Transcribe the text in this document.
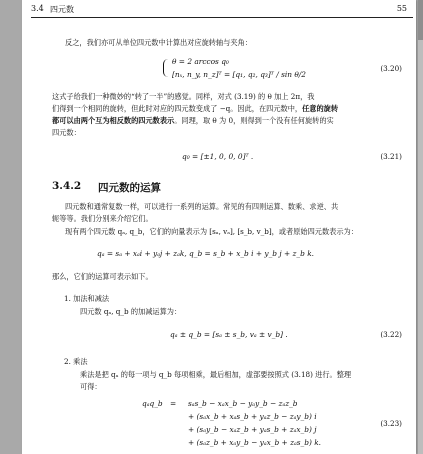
3.4 四元数	55
反之，我们亦可从单位四元数中计算出对应旋转轴与夹角：
θ = 2 arccos q₀
[nₓ, n_y, n_z]ᵀ = [q₁, q₂, q₃]ᵀ / sin θ/2
(3.20)
这式子给我们一种微妙的“转了一半”的感觉。同样，对式 (3.19) 的 θ 加上 2π，我
们得到一个相同的旋转，但此时对应的四元数变成了 −q。因此，在四元数中，任意的旋转
都可以由两个互为相反数的四元数表示。同理，取 θ 为 0，则得到一个没有任何旋转的实
四元数：
q₀ = [±1, 0, 0, 0]ᵀ .	(3.21)
3.4.2 四元数的运算
四元数和通常复数一样，可以进行一系列的运算。常见的有四则运算、数乘、求逆、共
轭等等。我们分别来介绍它们。
现有两个四元数 qₐ, q_b，它们的向量表示为 [sₐ, vₐ], [s_b, v_b]，或者原始四元数表示为：
qₐ = sₐ + xₐi + yₐj + zₐk, q_b = s_b + x_b i + y_b j + z_b k.
那么，它们的运算可表示如下。
1. 加法和减法
四元数 qₐ, q_b 的加减运算为：
qₐ ± q_b = [sₐ ± s_b, vₐ ± v_b] .	(3.22)
2. 乘法
乘法是把 qₐ 的每一项与 q_b 每项相乘，最后相加，虚部要按照式 (3.18) 进行。整理
可得：
qₐq_b = sₐs_b − xₐx_b − yₐy_b − zₐz_b
+ (sₐx_b + xₐs_b + yₐz_b − zₐy_b) i
+ (sₐy_b − xₐz_b + yₐs_b + zₐx_b) j
+ (sₐz_b + xₐy_b − yₐx_b + zₐs_b) k.
(3.23)
